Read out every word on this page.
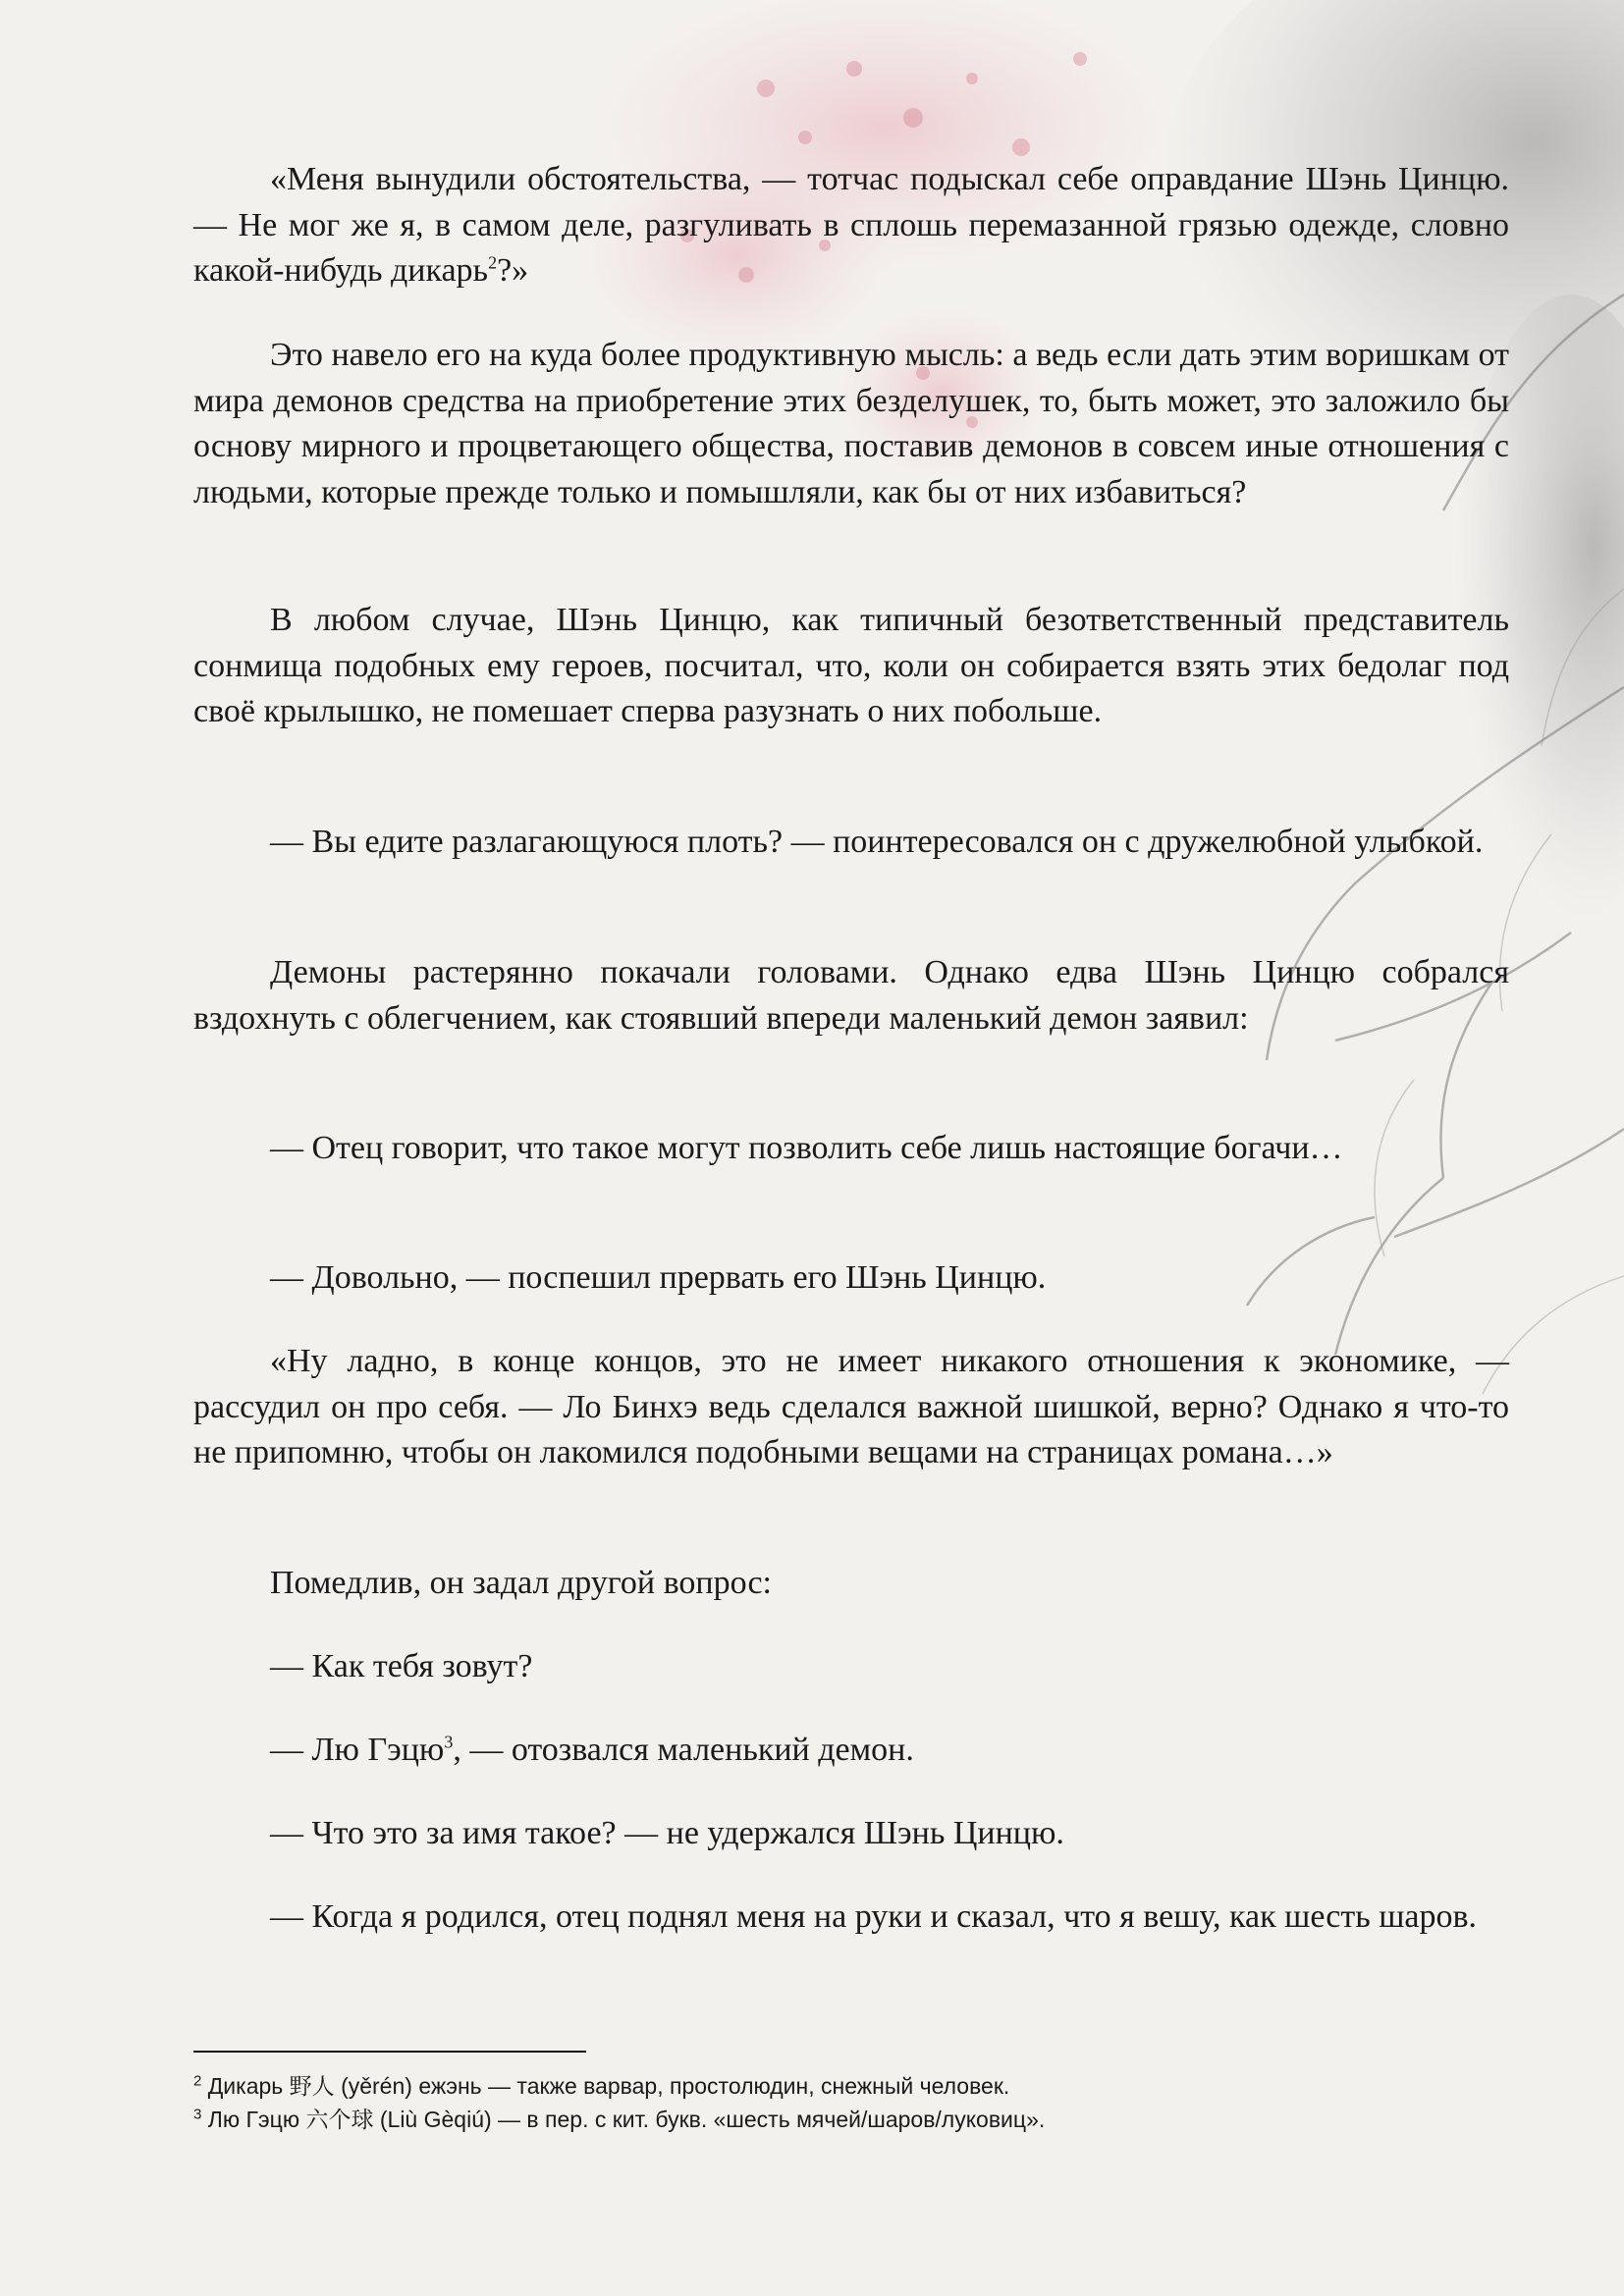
«Меня вынудили обстоятельства, — тотчас подыскал себе оправдание Шэнь Цинцю. — Не мог же я, в самом деле, разгуливать в сплошь перемазанной грязью одежде, словно какой-нибудь дикарь$^2$?»

Это навело его на куда более продуктивную мысль: а ведь если дать этим воришкам от мира демонов средства на приобретение этих безделушек, то, быть может, это заложило бы основу мирного и процветающего общества, поставив демонов в совсем иные отношения с людьми, которые прежде только и помышляли, как бы от них избавиться?

В любом случае, Шэнь Цинцю, как типичный безответственный представитель сонмища подобных ему героев, посчитал, что, коли он собирается взять этих бедолаг под своё крылышко, не помешает сперва разузнать о них побольше.

— Вы едите разлагающуюся плоть? — поинтересовался он с дружелюбной улыбкой.

Демоны растерянно покачали головами. Однако едва Шэнь Цинцю собрался вздохнуть с облегчением, как стоявший впереди маленький демон заявил:

— Отец говорит, что такое могут позволить себе лишь настоящие богачи…

— Довольно, — поспешил прервать его Шэнь Цинцю.

«Ну ладно, в конце концов, это не имеет никакого отношения к экономике, — рассудил он про себя. — Ло Бинхэ ведь сделался важной шишкой, верно? Однако я что-то не припомню, чтобы он лакомился подобными вещами на страницах романа…»

Помедлив, он задал другой вопрос:

— Как тебя зовут?

— Лю Гэцю$^3$, — отозвался маленький демон.

— Что это за имя такое? — не удержался Шэнь Цинцю.

— Когда я родился, отец поднял меня на руки и сказал, что я вешу, как шесть шаров.

$^2$ Дикарь 野人 (yěrén) ежэнь — также варвар, простолюдин, снежный человек.
$^3$ Лю Гэцю 六个球 (Liù Gèqiú) — в пер. с кит. букв. «шесть мячей/шаров/луковиц».
